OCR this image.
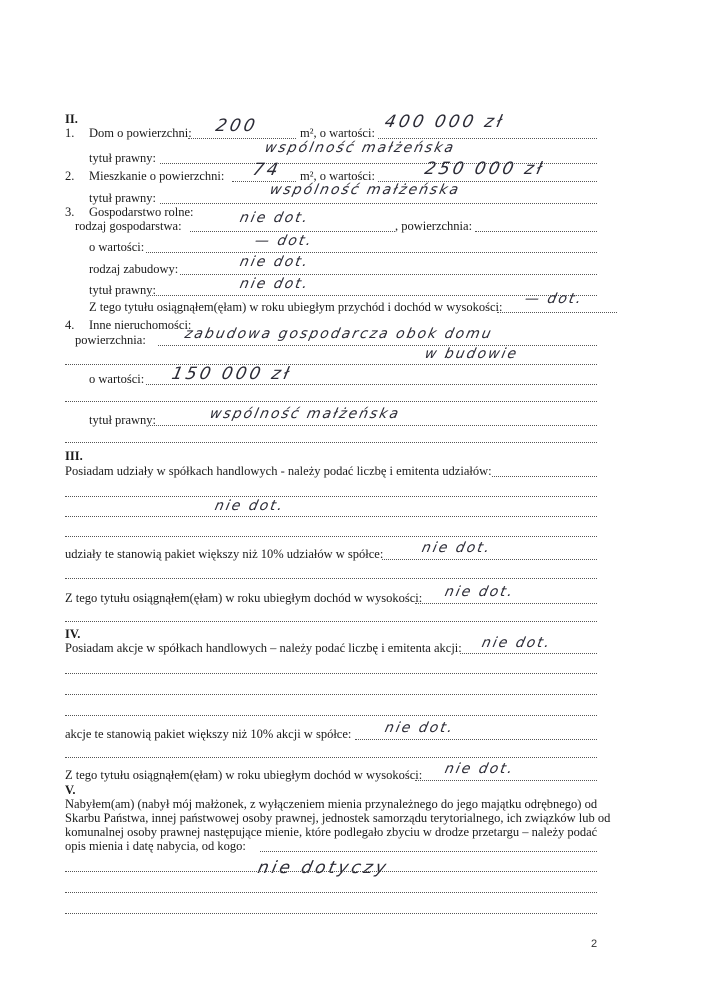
II.
1. Dom o powierzchni: 200	m², o wartości:
400 000 zł
tytuł prawny:
wspólność małżeńska
2. Mieszkanie o powierzchni: 74 m², o wartości:	250 000 zł
tytuł prawny:	wspólność małżeńska
3. Gospodarstwo rolne:
rodzaj gospodarstwa:	nie dot.	, powierzchnia:
o wartości:	— dot.
rodzaj zabudowy:	nie dot.
tytuł prawny:	nie dot.
Z tego tytułu osiągnąłem(ęłam) w roku ubiegłym przychód i dochód w wysokości: — dot.
4. Inne nieruchomości:
powierzchnia:	zabudowa gospodarcza obok domu
w budowie
o wartości: 150 000 zł
tytuł prawny:	wspólność małżeńska
III.
Posiadam udziały w spółkach handlowych - należy podać liczbę i emitenta udziałów:
nie dot.
udziały te stanowią pakiet większy niż 10% udziałów w spółce:	nie dot.
Z tego tytułu osiągnąłem(ęłam) w roku ubiegłym dochód w wysokości: nie dot.
IV.
Posiadam akcje w spółkach handlowych – należy podać liczbę i emitenta akcji: nie dot.
akcje te stanowią pakiet większy niż 10% akcji w spółce: nie dot.
Z tego tytułu osiągnąłem(ęłam) w roku ubiegłym dochód w wysokości: nie dot.
V.
Nabyłem(am) (nabył mój małżonek, z wyłączeniem mienia przynależnego do jego majątku odrębnego) od
Skarbu Państwa, innej państwowej osoby prawnej, jednostek samorządu terytorialnego, ich związków lub od
komunalnej osoby prawnej następujące mienie, które podlegało zbyciu w drodze przetargu – należy podać
opis mienia i datę nabycia, od kogo:
nie dotyczy
2
